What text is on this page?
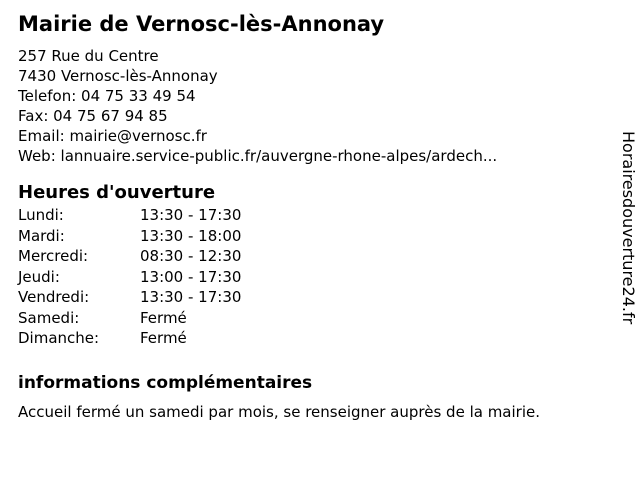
Mairie de Vernosc-lès-Annonay
257 Rue du Centre
7430 Vernosc-lès-Annonay
Telefon: 04 75 33 49 54
Fax: 04 75 67 94 85
Email: mairie@vernosc.fr
Web: lannuaire.service-public.fr/auvergne-rhone-alpes/ardech...
Heures d'ouverture
Lundi:	13:30 - 17:30
Mardi:	13:30 - 18:00
Mercredi:	08:30 - 12:30
Jeudi:	13:00 - 17:30
Vendredi:	13:30 - 17:30
Samedi:	Fermé
Dimanche:	Fermé
informations complémentaires
Accueil fermé un samedi par mois, se renseigner auprès de la mairie.
Horairesdouverture24.fr
